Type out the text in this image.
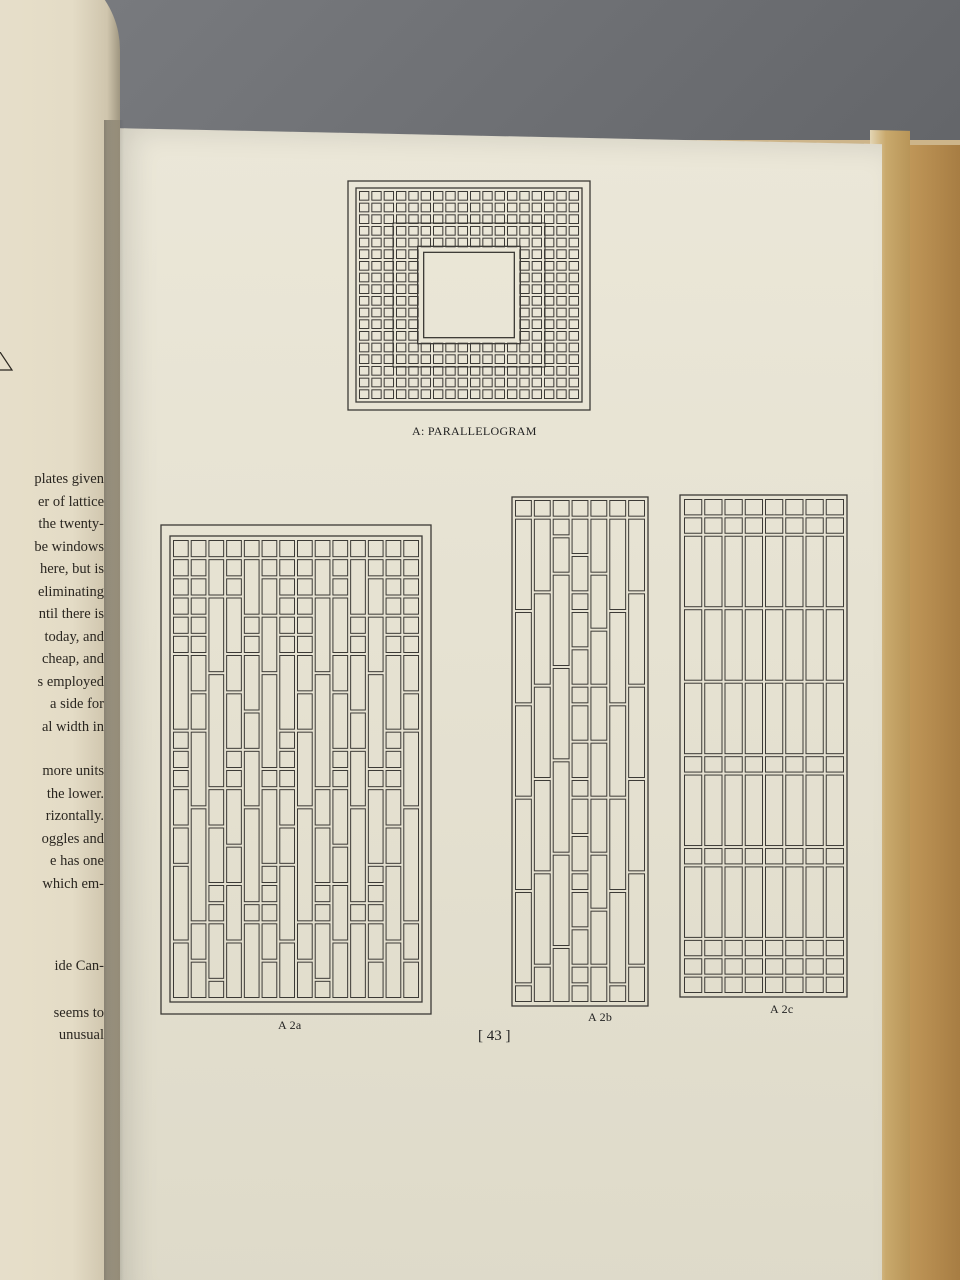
plates given
er of lattice
the twenty-
be windows
here, but is
eliminating
ntil there is
today, and
cheap, and
s employed
a side for
al width in
more units
the lower.
rizontally.
oggles and
e has one
which em-
ide Can-
seems to
unusual
A: PARALLELOGRAM
A 2a
A 2b
A 2c
[ 43 ]
